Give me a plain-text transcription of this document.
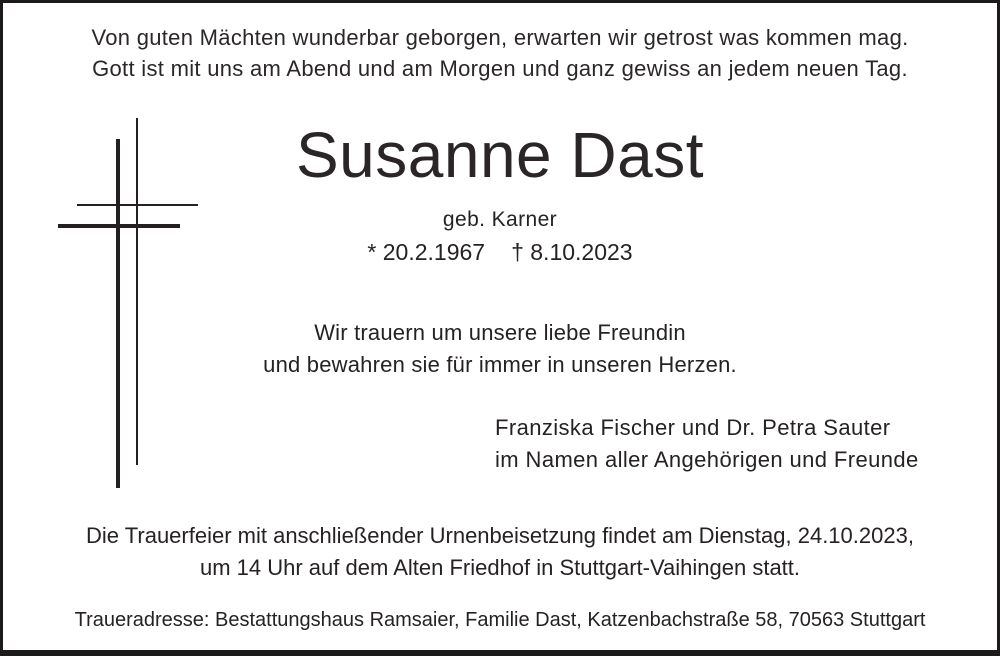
Von guten Mächten wunderbar geborgen, erwarten wir getrost was kommen mag.
Gott ist mit uns am Abend und am Morgen und ganz gewiss an jedem neuen Tag.
Susanne Dast
geb. Karner
* 20.2.1967 † 8.10.2023
Wir trauern um unsere liebe Freundin
und bewahren sie für immer in unseren Herzen.
Franziska Fischer und Dr. Petra Sauter
im Namen aller Angehörigen und Freunde
Die Trauerfeier mit anschließender Urnenbeisetzung findet am Dienstag, 24.10.2023,
um 14 Uhr auf dem Alten Friedhof in Stuttgart-Vaihingen statt.
Traueradresse: Bestattungshaus Ramsaier, Familie Dast, Katzenbachstraße 58, 70563 Stuttgart
